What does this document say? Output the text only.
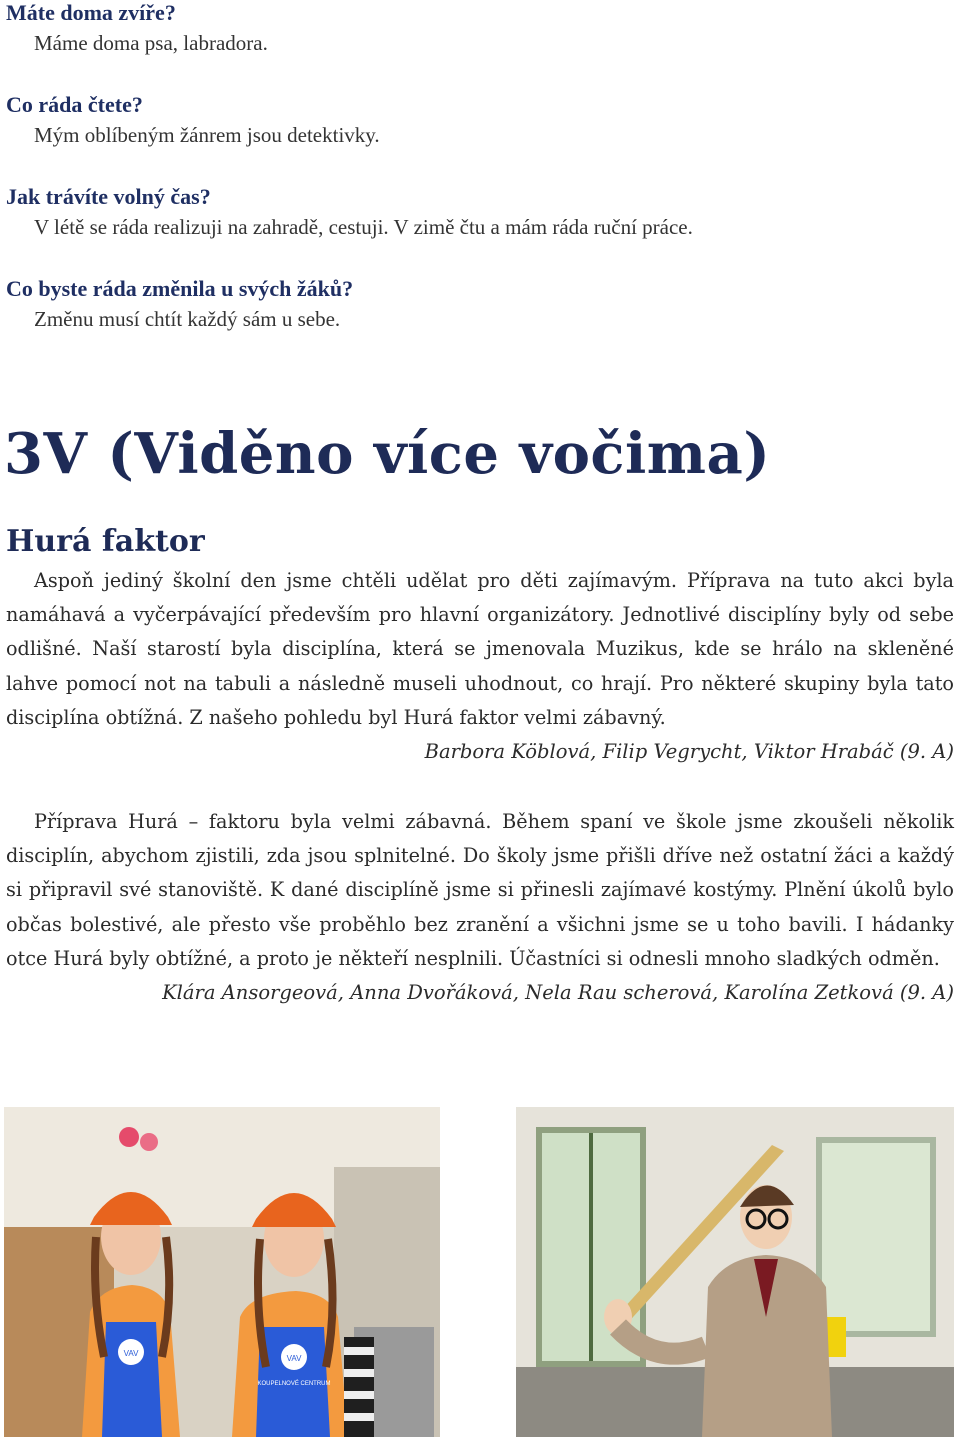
Máte doma zvíře?
Máme doma psa, labradora.
Co ráda čtete?
Mým oblíbeným žánrem jsou detektivky.
Jak trávíte volný čas?
V létě se ráda realizuji na zahradě, cestuji. V zimě čtu a mám ráda ruční práce.
Co byste ráda změnila u svých žáků?
Změnu musí chtít každý sám u sebe.
3V (Viděno více vočima)
Hurá faktor

Aspoň jediný školní den jsme chtěli udělat pro děti zajímavým. Příprava na tuto akci byla namáhavá a vyčerpávající především pro hlavní organizátory. Jednotlivé disciplíny byly od sebe odlišné. Naší starostí byla disciplína, která se jmenovala Muzikus, kde se hrálo na skleněné lahve pomocí not na tabuli a následně museli uhodnout, co hrají. Pro některé skupiny byla tato disciplína obtížná. Z našeho pohledu byl Hurá faktor velmi zábavný.

Barbora Köblová, Filip Vegrycht, Viktor Hrabáč (9. A)

Příprava Hurá – faktoru byla velmi zábavná. Během spaní ve škole jsme zkoušeli několik disciplín, abychom zjistili, zda jsou splnitelné. Do školy jsme přišli dříve než ostatní žáci a každý si připravil své stanoviště. K dané disciplíně jsme si přinesli zajímavé kostýmy. Plnění úkolů bylo občas bolestivé, ale přesto vše proběhlo bez zranění a všichni jsme se u toho bavili. I hádanky otce Hurá byly obtížné, a proto je někteří nesplnili. Účastníci si odnesli mnoho sladkých odměn.

Klára Ansorgeová, Anna Dvořáková, Nela Rau scherová, Karolína Zetková (9. A)
VAV
VAV
KOUPELNOVÉ CENTRUM
